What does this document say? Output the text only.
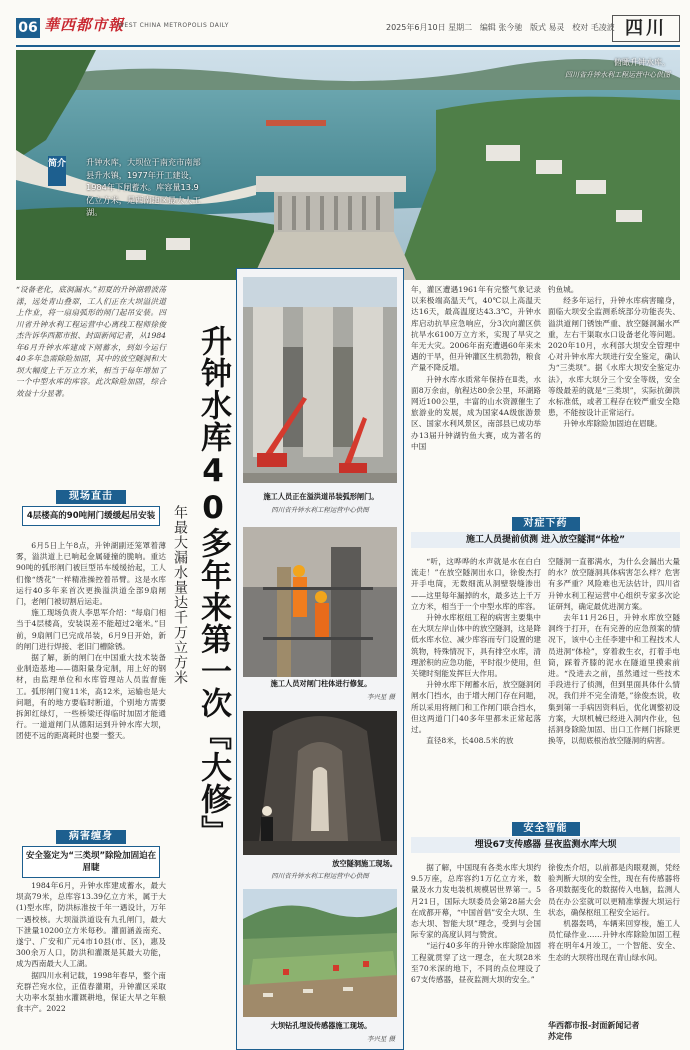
06 華西都市報
WEST CHINA METROPOLIS DAILY	2025年6月10日 星期二 编辑 张今驰 版式 易灵 校对 毛凌波 四川
俯瞰升钟水库。
四川省升钟水利工程运营中心供图
简介 升钟水库，大坝位于南充市南部县升水镇，1977年开工建设，1984年下闸蓄水。库容量13.9亿立方米，是西南地区最大人工湖。
“设备老化，底洞漏水。”初夏的升钟湖碧波荡漾，远处青山叠翠，工人们正在大坝溢洪道上作业，将一扇扇弧形的闸门起吊安装。四川省升钟水利工程运营中心离线工程师徐俊杰告诉华西都市报、封面新闻记者，从1984年6月升钟水库建成下闸蓄水，到如今运行40多年急需除险加固，其中的放空隧洞和大坝大幅度上千万立方米，相当于每年增加了一个中型水库的库容。此次除险加固，综合效益十分显著。
现场直击
4层楼高的90吨闸门缓缓起吊安装

6月5日上午8点，升钟湖副还笼罩着薄雾，溢洪道上已响起金属碰撞的脆响。重达90吨的弧形闸门被巨型吊车缓缓抬起，工人们像“绣花”一样精准操控着吊臂。这是水库运行40多年来首次更换溢洪道全部9扇闸门，老闸门被切割后运走。

施工现场负责人李思军介绍：“每扇门相当于4层楼高，安装误差不能超过2毫米。”目前，9扇闸门已完成吊装，6月9日开始，新的闸门进行焊接、老旧门槽除锈。

据了解，新的闸门在中国重大技术装备业制造基地——德阳量身定制，用上好的钢材，由监理单位和水库管理站人员监督施工。弧形闸门宽11米，高12米，运输也是大问题，有的地方要临时断道，个别地方需要拆卸红绿灯，一些桥梁还得临时加固才能通行。一道道闸门从德阳运到升钟水库大坝，团使不远的距离耗时也要一整天。

病害缠身
安全鉴定为“三类坝”除险加固迫在眉睫

1984年6月，升钟水库建成蓄水，最大坝高79米，总库容13.39亿立方米，属于大(1)型水库，防洪标准按千年一遇设计，万年一遇校核。大坝溢洪道设有九孔闸门，最大下泄量10200立方米每秒。灌面涵盖南充、遂宁、广安和广元4市10县(市、区)，惠及300余万人口，防洪和灌溉是其最大功能，成为西南最大人工湖。

据四川水利记载，1998年春早，整个南充群芒宛水位，正值春灌期，升钟灌区采取大功率水泵抽水灌溉耕地，保证大旱之年粮食丰产。2022

升钟水库40多年来第一次『大修』
年最大漏水量达千万立方米
施工人员正在溢洪道吊装弧形闸门。
四川省升钟水利工程运营中心供图
施工人员对闸门柱体进行修复。
李兴星 摄
放空隧洞施工现场。
四川省升钟水利工程运营中心供图
大坝钻孔埋设传感器施工现场。
李兴星 摄

年，灌区遭遇1961年有完整气象记录以来极端高温天气，40℃以上高温天达16天，最高温度达43.3℃，升钟水库启动抗旱应急响应，分3次向灌区供抗旱水6100万立方米，实现了旱灾之年无大灾。2006年南充遭遇60年来未遇的干旱，但升钟灌区生机勃勃，粮食产量不降反增。

升钟水库水质常年保持在Ⅱ类，水面8万余亩，航程达80余公里，环湖路网近100公里，丰富的山水资源催生了旅游业的发展，成为国家4A级旅游景区、国家水利风景区，南部县已成功举办13届升钟湖钓鱼大赛，成为著名的中国

钓鱼城。

经多年运行，升钟水库病害瞳身，面临大坝安全监测系统部分功能丧失、溢洪道闸门锈蚀严重、放空隧洞漏水严重，左右干渠取水口设备老化等问题。2020年10月，水利部大坝安全管理中心对升钟水库大坝进行安全鉴定，确认为“三类坝”。据《水库大坝安全鉴定办法》，水库大坝分三个安全等级，安全等级最差的就是“三类坝”，实际抗御洪水标准低，或者工程存在较严重安全隐患，不能按设计正常运行。

升钟水库除险加固迫在眉睫。

对症下药
施工人员提前侦测 进入放空隧洞“体检”

“听，这哗哗的水声就是水在白白流走！”在放空隧洞出水口，徐俊杰打开手电筒，无数细流从洞壁裂缝渗出——这里每年漏掉的水，最多达上千万立方米，相当于一个中型水库的库容。

升钟水库枢纽工程的病害主要集中在大坝左岸山体中的放空隧洞，这是降低水库水位、减少库容而专门设置的建筑物，特殊情况下，具有排空水库，清理淤积的应急功能，平时很少使用，但关键时刻能发挥巨大作用。

升钟水库下闸蓄水后，放空隧洞闭闸水门挡水，由于增大闸门存在问题，所以采用将闸门和工作闸门联合挡水，但这两道门门40多年里都未正常起落过。

直径8米，长408.5米的放

空隧洞一直都满水，为什么会漏出大量的水？放空隧洞具体病害怎么样？危害有多严重？风险难也无法估计，四川省升钟水利工程运营中心组织专家多次论证研判，确定最优进洞方案。

去年11月26日，升钟水库放空隧洞终于打开，在有完善的应急预案的情况下，该中心主任李建中和工程技术人员进洞“体检”，穿着救生衣，打着手电筒，踩着齐膝的泥水在隧道里摸索前进。“没进去之前，虽然通过一些技术手段进行了侦测，但到里面具体什么情况，我们并不完全清楚，”徐俊杰说，收集到第一手病因资料后，优化调整初设方案，大坝机械已经进入洞内作业，包括洞身除险加固、出口工作闸门拆除更换等，以彻底根治放空隧洞的病害。

安全智能
埋设67支传感器 昼夜监测水库大坝

据了解，中国现有各类水库大坝约9.5万座，总库容约1万亿立方米，数量及水力发电装机规模居世界第一。5月21日，国际大坝委员会第28届大会在成都开幕，“中国首倡”安全大坝、生态大坝、智能大坝”理念，受到与会国际专家的高度认同与赞赏。

“运行40多年的升钟水库除险加固工程就贯穿了这一理念，在大坝28米至70米深的地下，不同的点位埋设了67支传感器，昼夜监测大坝的安全。”

徐俊杰介绍，以前都是肉眼观测，凭经验判断大坝的安全性，现在有传感器将各项数据变化的数据传入电脑，监测人员在办公室就可以更精准掌握大坝运行状态，确保枢纽工程安全运行。

机器轰鸣，车辆来回穿梭，施工人员忙碌作业……升钟水库除险加固工程将在明年4月竣工，一个智能、安全、生态的大坝将出现在青山绿水间。

华西都市报-封面新闻记者
苏定伟
